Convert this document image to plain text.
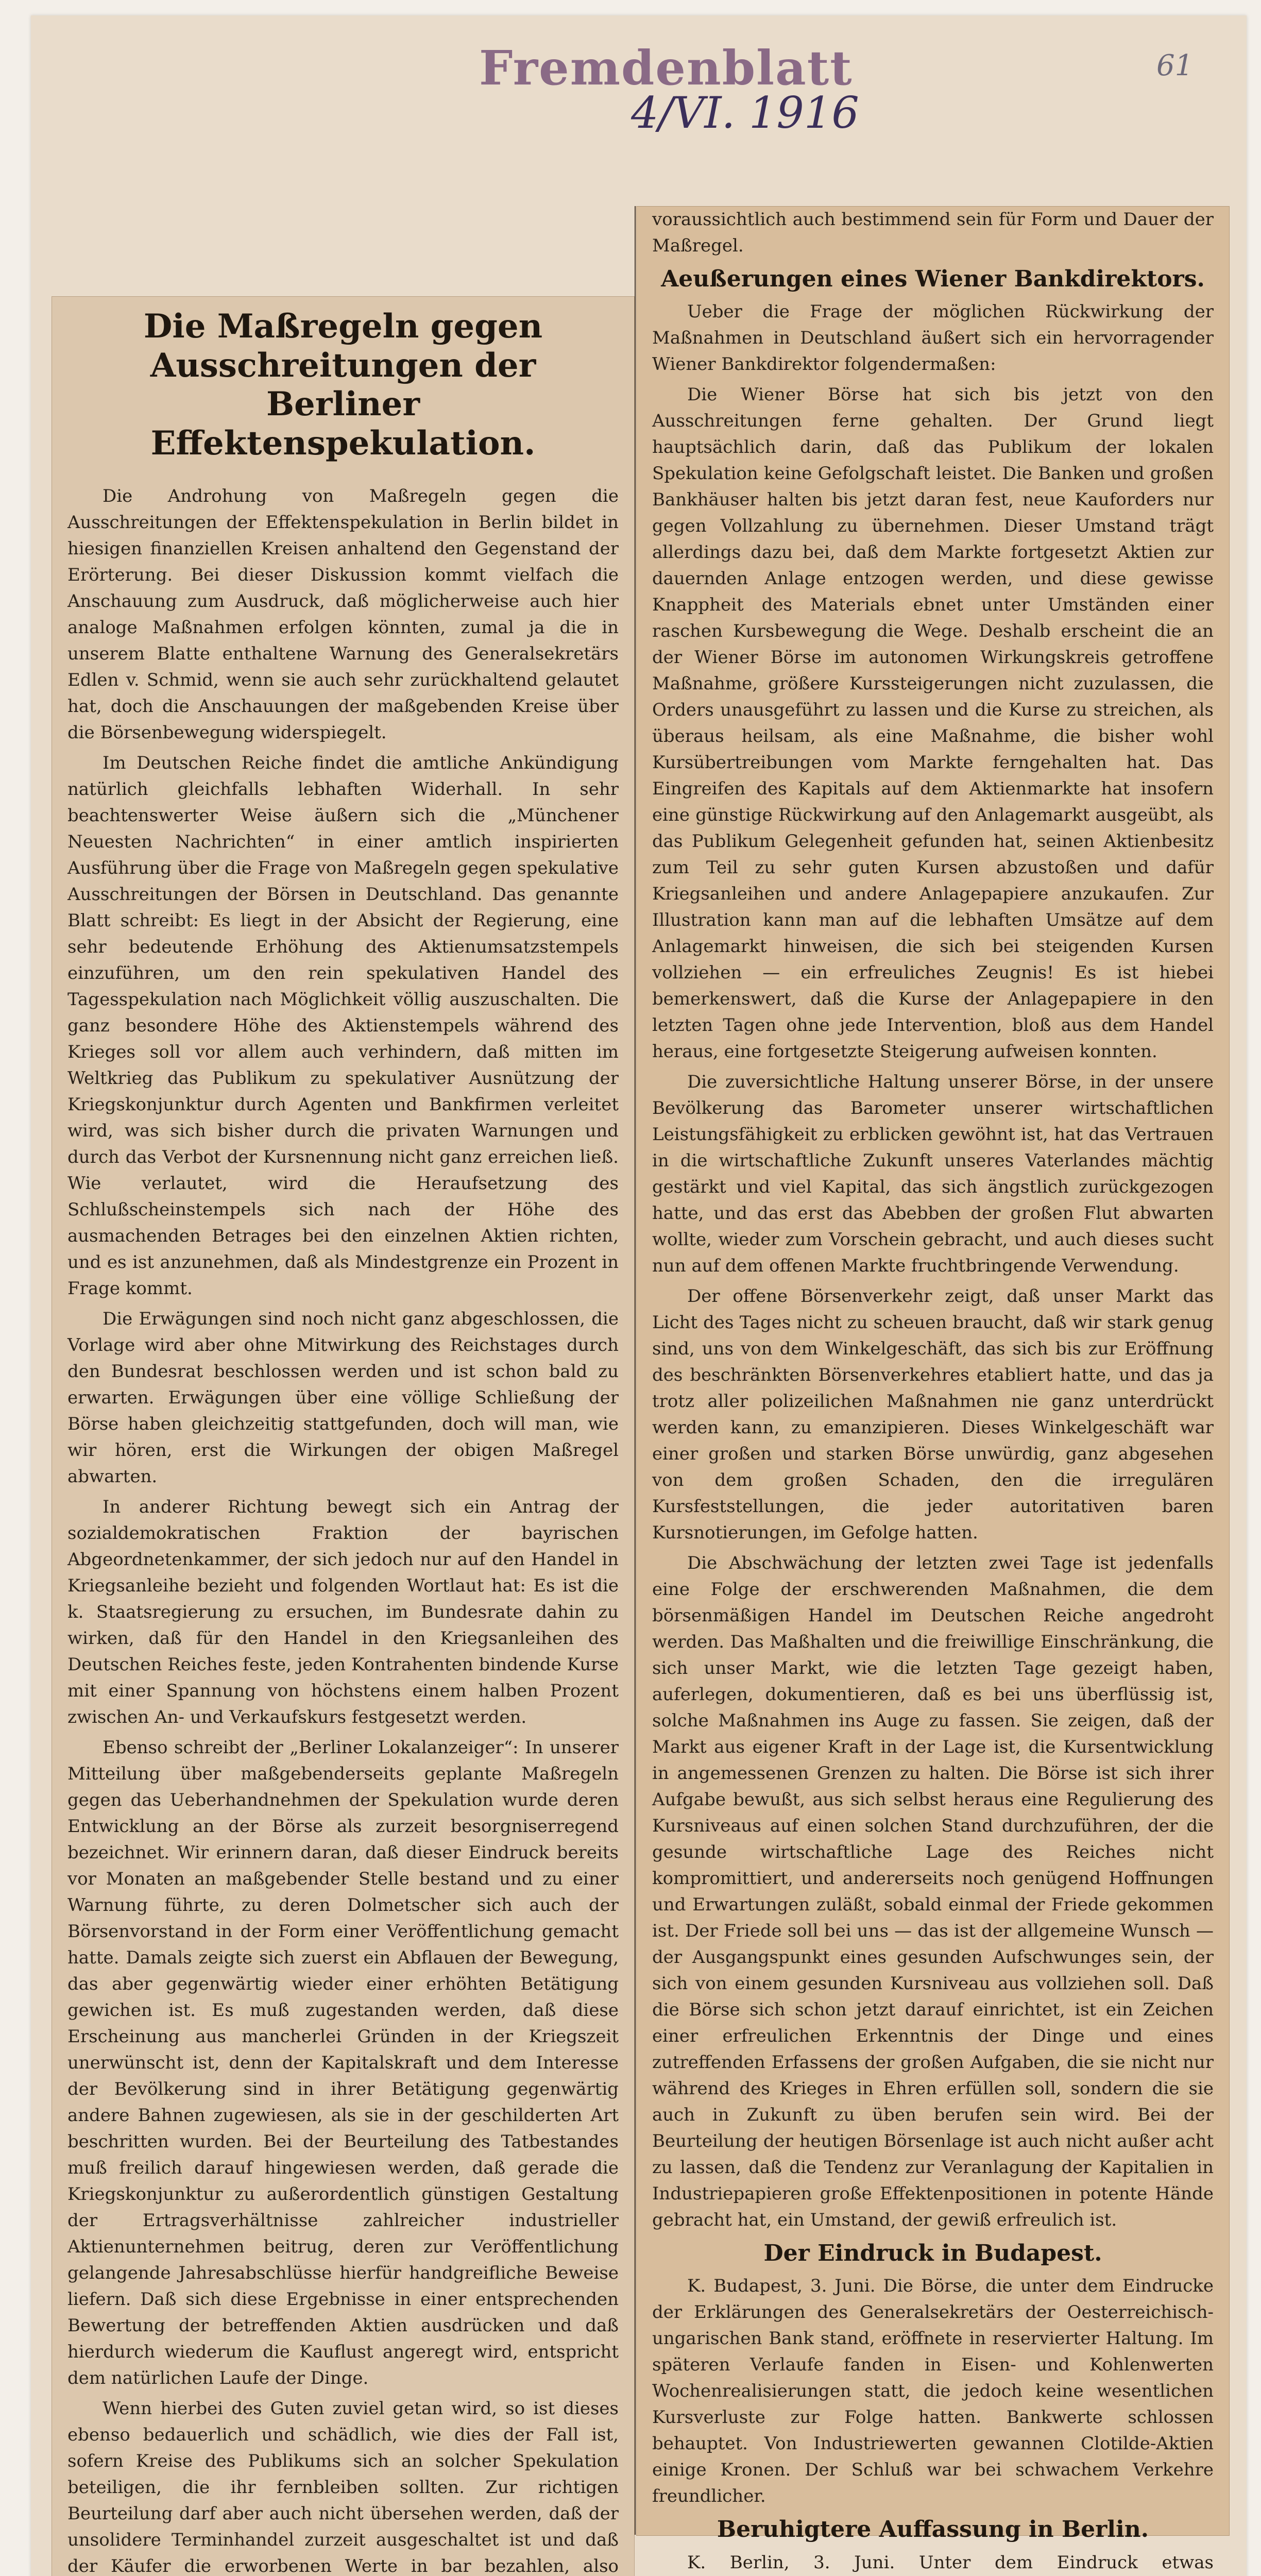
Fremdenblatt
4/VI. 1916
61
Die Maßregeln gegen Ausschreitungen der Berliner Effektenspekulation.
Die Androhung von Maßregeln gegen die Ausschreitungen der Effektenspekulation in Berlin bildet in hiesigen finanziellen Kreisen anhaltend den Gegenstand der Erörterung. Bei dieser Diskussion kommt vielfach die Anschauung zum Ausdruck, daß möglicherweise auch hier analoge Maßnahmen erfolgen könnten, zumal ja die in unserem Blatte enthaltene Warnung des Generalsekretärs Edlen v. Schmid, wenn sie auch sehr zurückhaltend gelautet hat, doch die Anschauungen der maßgebenden Kreise über die Börsenbewegung widerspiegelt.
Im Deutschen Reiche findet die amtliche Ankündigung natürlich gleichfalls lebhaften Widerhall. In sehr beachtenswerter Weise äußern sich die „Münchener Neuesten Nachrichten“ in einer amtlich inspirierten Ausführung über die Frage von Maßregeln gegen spekulative Ausschreitungen der Börsen in Deutschland. Das genannte Blatt schreibt: Es liegt in der Absicht der Regierung, eine sehr bedeutende Erhöhung des Aktienumsatzstempels einzuführen, um den rein spekulativen Handel des Tagesspekulation nach Möglichkeit völlig auszuschalten. Die ganz besondere Höhe des Aktienstempels während des Krieges soll vor allem auch verhindern, daß mitten im Weltkrieg das Publikum zu spekulativer Ausnützung der Kriegskonjunktur durch Agenten und Bankfirmen verleitet wird, was sich bisher durch die privaten Warnungen und durch das Verbot der Kursnennung nicht ganz erreichen ließ. Wie verlautet, wird die Heraufsetzung des Schlußscheinstempels sich nach der Höhe des ausmachenden Betrages bei den einzelnen Aktien richten, und es ist anzunehmen, daß als Mindestgrenze ein Prozent in Frage kommt.
Die Erwägungen sind noch nicht ganz abgeschlossen, die Vorlage wird aber ohne Mitwirkung des Reichstages durch den Bundesrat beschlossen werden und ist schon bald zu erwarten. Erwägungen über eine völlige Schließung der Börse haben gleichzeitig stattgefunden, doch will man, wie wir hören, erst die Wirkungen der obigen Maßregel abwarten.
In anderer Richtung bewegt sich ein Antrag der sozialdemokratischen Fraktion der bayrischen Abgeordnetenkammer, der sich jedoch nur auf den Handel in Kriegsanleihe bezieht und folgenden Wortlaut hat: Es ist die k. Staatsregierung zu ersuchen, im Bundesrate dahin zu wirken, daß für den Handel in den Kriegsanleihen des Deutschen Reiches feste, jeden Kontrahenten bindende Kurse mit einer Spannung von höchstens einem halben Prozent zwischen An- und Verkaufskurs festgesetzt werden.
Ebenso schreibt der „Berliner Lokalanzeiger“: In unserer Mitteilung über maßgebenderseits geplante Maßregeln gegen das Ueberhandnehmen der Spekulation wurde deren Entwicklung an der Börse als zurzeit besorgniserregend bezeichnet. Wir erinnern daran, daß dieser Eindruck bereits vor Monaten an maßgebender Stelle bestand und zu einer Warnung führte, zu deren Dolmetscher sich auch der Börsenvorstand in der Form einer Veröffentlichung gemacht hatte. Damals zeigte sich zuerst ein Abflauen der Bewegung, das aber gegenwärtig wieder einer erhöhten Betätigung gewichen ist. Es muß zugestanden werden, daß diese Erscheinung aus mancherlei Gründen in der Kriegszeit unerwünscht ist, denn der Kapitalskraft und dem Interesse der Bevölkerung sind in ihrer Betätigung gegenwärtig andere Bahnen zugewiesen, als sie in der geschilderten Art beschritten wurden. Bei der Beurteilung des Tatbestandes muß freilich darauf hingewiesen werden, daß gerade die Kriegskonjunktur zu außerordentlich günstigen Gestaltung der Ertragsverhältnisse zahlreicher industrieller Aktienunternehmen beitrug, deren zur Veröffentlichung gelangende Jahresabschlüsse hierfür handgreifliche Beweise liefern. Daß sich diese Ergebnisse in einer entsprechenden Bewertung der betreffenden Aktien ausdrücken und daß hierdurch wiederum die Kauflust angeregt wird, entspricht dem natürlichen Laufe der Dinge.
Wenn hierbei des Guten zuviel getan wird, so ist dieses ebenso bedauerlich und schädlich, wie dies der Fall ist, sofern Kreise des Publikums sich an solcher Spekulation beteiligen, die ihr fernbleiben sollten. Zur richtigen Beurteilung darf aber auch nicht übersehen werden, daß der unsolidere Terminhandel zurzeit ausgeschaltet ist und daß der Käufer die erworbenen Werte in bar bezahlen, also
voraussichtlich auch bestimmend sein für Form und Dauer der Maßregel.
Aeußerungen eines Wiener Bankdirektors.
Ueber die Frage der möglichen Rückwirkung der Maßnahmen in Deutschland äußert sich ein hervorragender Wiener Bankdirektor folgendermaßen:
Die Wiener Börse hat sich bis jetzt von den Ausschreitungen ferne gehalten. Der Grund liegt hauptsächlich darin, daß das Publikum der lokalen Spekulation keine Gefolgschaft leistet. Die Banken und großen Bankhäuser halten bis jetzt daran fest, neue Kauforders nur gegen Vollzahlung zu übernehmen. Dieser Umstand trägt allerdings dazu bei, daß dem Markte fortgesetzt Aktien zur dauernden Anlage entzogen werden, und diese gewisse Knappheit des Materials ebnet unter Umständen einer raschen Kursbewegung die Wege. Deshalb erscheint die an der Wiener Börse im autonomen Wirkungskreis getroffene Maßnahme, größere Kurssteigerungen nicht zuzulassen, die Orders unausgeführt zu lassen und die Kurse zu streichen, als überaus heilsam, als eine Maßnahme, die bisher wohl Kursübertreibungen vom Markte ferngehalten hat. Das Eingreifen des Kapitals auf dem Aktienmarkte hat insofern eine günstige Rückwirkung auf den Anlagemarkt ausgeübt, als das Publikum Gelegenheit gefunden hat, seinen Aktienbesitz zum Teil zu sehr guten Kursen abzustoßen und dafür Kriegsanleihen und andere Anlagepapiere anzukaufen. Zur Illustration kann man auf die lebhaften Umsätze auf dem Anlagemarkt hinweisen, die sich bei steigenden Kursen vollziehen — ein erfreuliches Zeugnis! Es ist hiebei bemerkenswert, daß die Kurse der Anlagepapiere in den letzten Tagen ohne jede Intervention, bloß aus dem Handel heraus, eine fortgesetzte Steigerung aufweisen konnten.
Die zuversichtliche Haltung unserer Börse, in der unsere Bevölkerung das Barometer unserer wirtschaftlichen Leistungsfähigkeit zu erblicken gewöhnt ist, hat das Vertrauen in die wirtschaftliche Zukunft unseres Vaterlandes mächtig gestärkt und viel Kapital, das sich ängstlich zurückgezogen hatte, und das erst das Abebben der großen Flut abwarten wollte, wieder zum Vorschein gebracht, und auch dieses sucht nun auf dem offenen Markte fruchtbringende Verwendung.
Der offene Börsenverkehr zeigt, daß unser Markt das Licht des Tages nicht zu scheuen braucht, daß wir stark genug sind, uns von dem Winkelgeschäft, das sich bis zur Eröffnung des beschränkten Börsenverkehres etabliert hatte, und das ja trotz aller polizeilichen Maßnahmen nie ganz unterdrückt werden kann, zu emanzipieren. Dieses Winkelgeschäft war einer großen und starken Börse unwürdig, ganz abgesehen von dem großen Schaden, den die irregulären Kursfeststellungen, die jeder autoritativen baren Kursnotierungen, im Gefolge hatten.
Die Abschwächung der letzten zwei Tage ist jedenfalls eine Folge der erschwerenden Maßnahmen, die dem börsenmäßigen Handel im Deutschen Reiche angedroht werden. Das Maßhalten und die freiwillige Einschränkung, die sich unser Markt, wie die letzten Tage gezeigt haben, auferlegen, dokumentieren, daß es bei uns überflüssig ist, solche Maßnahmen ins Auge zu fassen. Sie zeigen, daß der Markt aus eigener Kraft in der Lage ist, die Kursentwicklung in angemessenen Grenzen zu halten. Die Börse ist sich ihrer Aufgabe bewußt, aus sich selbst heraus eine Regulierung des Kursniveaus auf einen solchen Stand durchzuführen, der die gesunde wirtschaftliche Lage des Reiches nicht kompromittiert, und andererseits noch genügend Hoffnungen und Erwartungen zuläßt, sobald einmal der Friede gekommen ist. Der Friede soll bei uns — das ist der allgemeine Wunsch — der Ausgangspunkt eines gesunden Aufschwunges sein, der sich von einem gesunden Kursniveau aus vollziehen soll. Daß die Börse sich schon jetzt darauf einrichtet, ist ein Zeichen einer erfreulichen Erkenntnis der Dinge und eines zutreffenden Erfassens der großen Aufgaben, die sie nicht nur während des Krieges in Ehren erfüllen soll, sondern die sie auch in Zukunft zu üben berufen sein wird. Bei der Beurteilung der heutigen Börsenlage ist auch nicht außer acht zu lassen, daß die Tendenz zur Veranlagung der Kapitalien in Industriepapieren große Effektenpositionen in potente Hände gebracht hat, ein Umstand, der gewiß erfreulich ist.
Der Eindruck in Budapest.
K. Budapest, 3. Juni. Die Börse, die unter dem Eindrucke der Erklärungen des Generalsekretärs der Oesterreichisch-ungarischen Bank stand, eröffnete in reservierter Haltung. Im späteren Verlaufe fanden in Eisen- und Kohlenwerten Wochenrealisierungen statt, die jedoch keine wesentlichen Kursverluste zur Folge hatten. Bankwerte schlossen behauptet. Von Industriewerten gewannen Clotilde-Aktien einige Kronen. Der Schluß war bei schwachem Verkehre freundlicher.
Beruhigtere Auffassung in Berlin.
K. Berlin, 3. Juni. Unter dem Eindruck etwas
